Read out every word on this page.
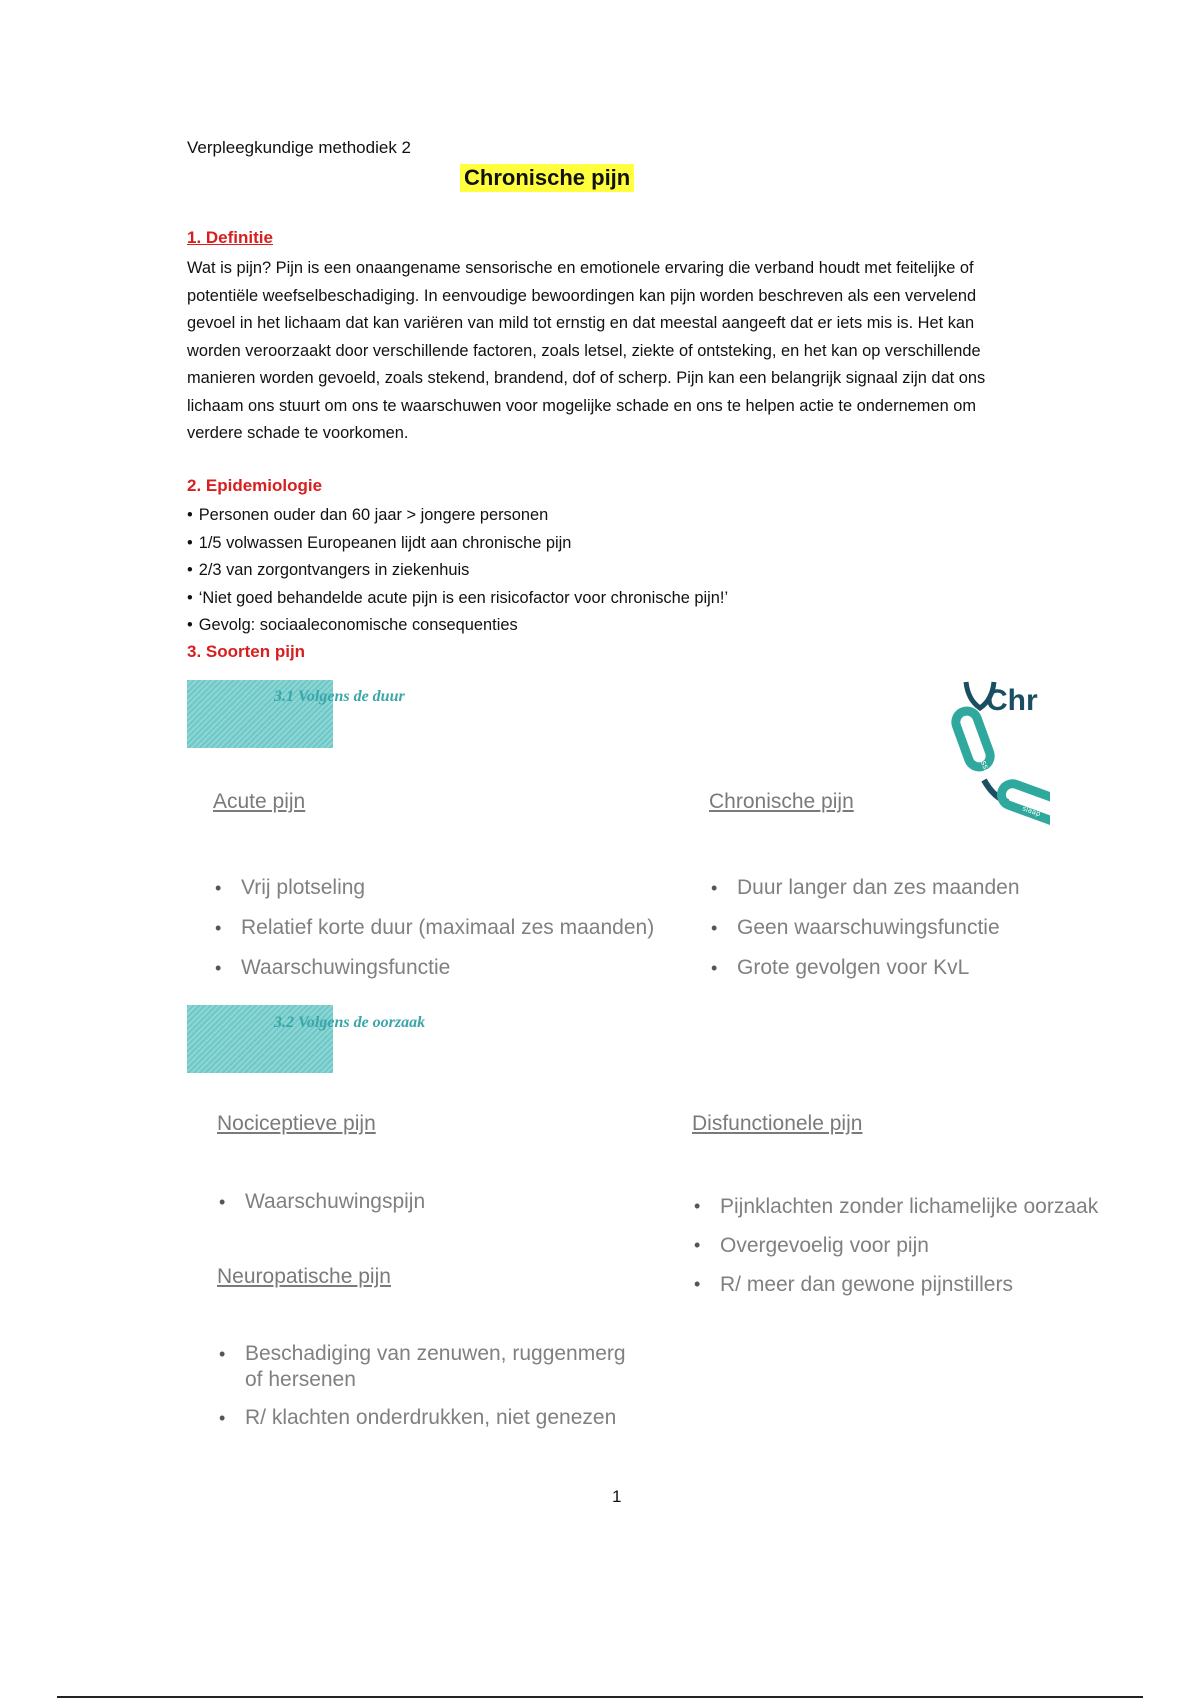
Verpleegkundige methodiek 2
Chronische pijn
1. Definitie
Wat is pijn? Pijn is een onaangename sensorische en emotionele ervaring die verband houdt met feitelijke of potentiële weefselbeschadiging. In eenvoudige bewoordingen kan pijn worden beschreven als een vervelend gevoel in het lichaam dat kan variëren van mild tot ernstig en dat meestal aangeeft dat er iets mis is. Het kan worden veroorzaakt door verschillende factoren, zoals letsel, ziekte of ontsteking, en het kan op verschillende manieren worden gevoeld, zoals stekend, brandend, dof of scherp. Pijn kan een belangrijk signaal zijn dat ons lichaam ons stuurt om ons te waarschuwen voor mogelijke schade en ons te helpen actie te ondernemen om verdere schade te voorkomen.
2. Epidemiologie
• Personen ouder dan 60 jaar > jongere personen
• 1/5 volwassen Europeanen lijdt aan chronische pijn
• 2/3 van zorgontvangers in ziekenhuis
• ‘Niet goed behandelde acute pijn is een risicofactor voor chronische pijn!’
• Gevolg: sociaaleconomische consequenties
3. Soorten pijn
3.1 Volgens de duur
depressie
slaap
Chr
Acute pijn
• Vrij plotseling
• Relatief korte duur (maximaal zes maanden)
• Waarschuwingsfunctie
Chronische pijn
• Duur langer dan zes maanden
• Geen waarschuwingsfunctie
• Grote gevolgen voor KvL
3.2 Volgens de oorzaak
Nociceptieve pijn
• Waarschuwingspijn
Neuropatische pijn
• Beschadiging van zenuwen, ruggenmerg of hersenen
• R/ klachten onderdrukken, niet genezen
Disfunctionele pijn
• Pijnklachten zonder lichamelijke oorzaak
• Overgevoelig voor pijn
• R/ meer dan gewone pijnstillers
1
